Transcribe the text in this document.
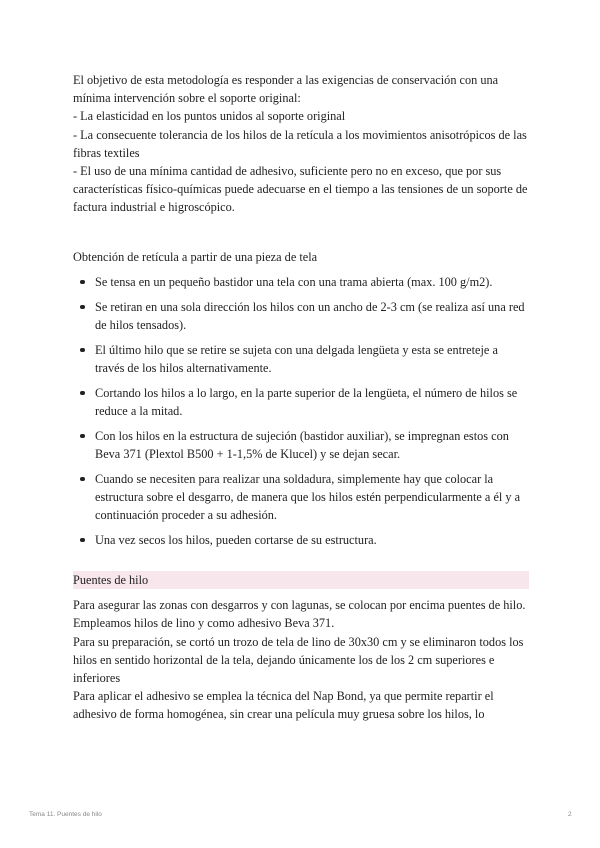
El objetivo de esta metodología es responder a las exigencias de conservación con una mínima intervención sobre el soporte original:

- La elasticidad en los puntos unidos al soporte original

- La consecuente tolerancia de los hilos de la retícula a los movimientos anisotrópicos de las fibras textiles

- El uso de una mínima cantidad de adhesivo, suficiente pero no en exceso, que por sus características físico-químicas puede adecuarse en el tiempo a las tensiones de un soporte de factura industrial e higroscópico.

Obtención de retícula a partir de una pieza de tela

Se tensa en un pequeño bastidor una tela con una trama abierta (max. 100 g/m2).
Se retiran en una sola dirección los hilos con un ancho de 2-3 cm (se realiza así una red de hilos tensados).
El último hilo que se retire se sujeta con una delgada lengüeta y esta se entreteje a través de los hilos alternativamente.
Cortando los hilos a lo largo, en la parte superior de la lengüeta, el número de hilos se reduce a la mitad.
Con los hilos en la estructura de sujeción (bastidor auxiliar), se impregnan estos con Beva 371 (Plextol B500 + 1-1,5% de Klucel) y se dejan secar.
Cuando se necesiten para realizar una soldadura, simplemente hay que colocar la estructura sobre el desgarro, de manera que los hilos estén perpendicularmente a él y a continuación proceder a su adhesión.
Una vez secos los hilos, pueden cortarse de su estructura.
Puentes de hilo

Para asegurar las zonas con desgarros y con lagunas, se colocan por encima puentes de hilo.

Empleamos hilos de lino y como adhesivo Beva 371.

Para su preparación, se cortó un trozo de tela de lino de 30x30 cm y se eliminaron todos los hilos en sentido horizontal de la tela, dejando únicamente los de los 2 cm superiores e inferiores

Para aplicar el adhesivo se emplea la técnica del Nap Bond, ya que permite repartir el adhesivo de forma homogénea, sin crear una película muy gruesa sobre los hilos, lo

Tema 11. Puentes de hilo	2
